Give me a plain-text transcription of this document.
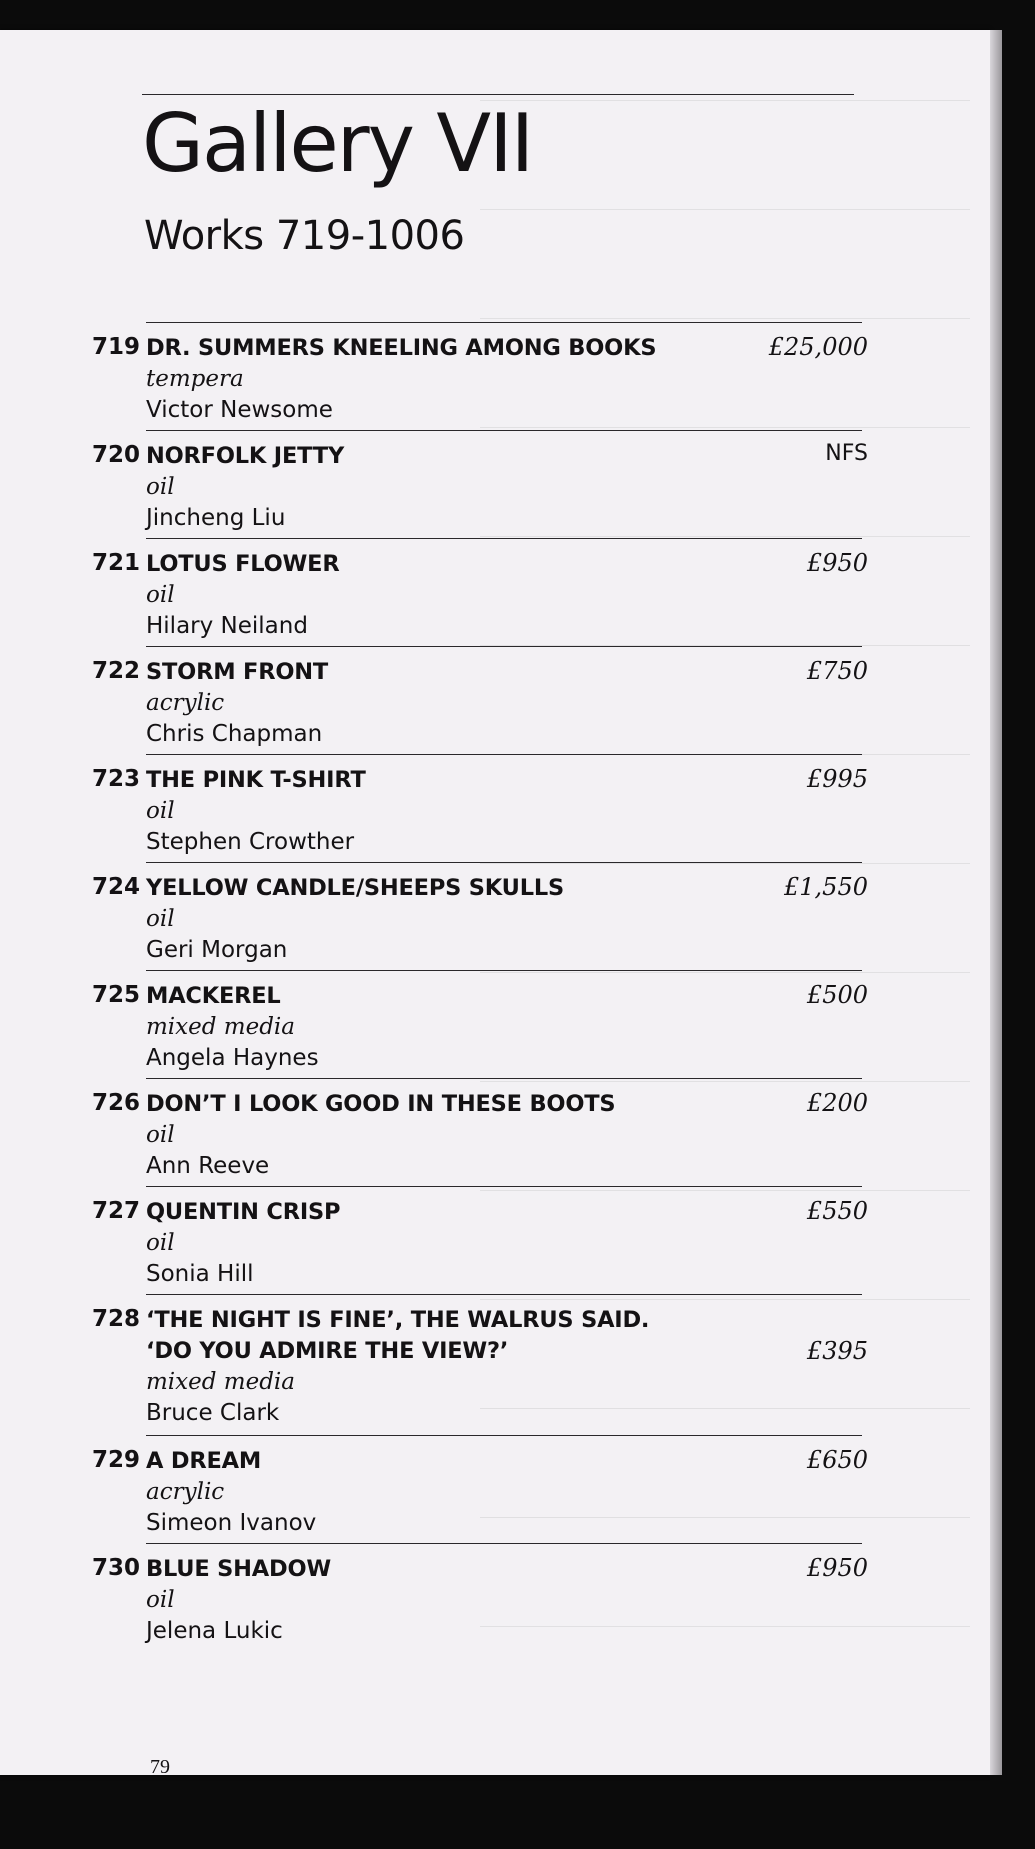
Gallery VII
Works 719-1006
719 DR. SUMMERS KNEELING AMONG BOOKS
tempera
Victor Newsome
£25,000
720 NORFOLK JETTY
oil
Jincheng Liu
NFS
721 LOTUS FLOWER
oil
Hilary Neiland
£950
722 STORM FRONT
acrylic
Chris Chapman
£750
723 THE PINK T-SHIRT
oil
Stephen Crowther
£995
724 YELLOW CANDLE/SHEEPS SKULLS
oil
Geri Morgan
£1,550
725 MACKEREL
mixed media
Angela Haynes
£500
726 DON’T I LOOK GOOD IN THESE BOOTS
oil
Ann Reeve
£200
727 QUENTIN CRISP
oil
Sonia Hill
£550
728 ‘THE NIGHT IS FINE’, THE WALRUS SAID.
‘DO YOU ADMIRE THE VIEW?’
mixed media
Bruce Clark
£395
729 A DREAM
acrylic
Simeon Ivanov
£650
730 BLUE SHADOW
oil
Jelena Lukic
£950
79
